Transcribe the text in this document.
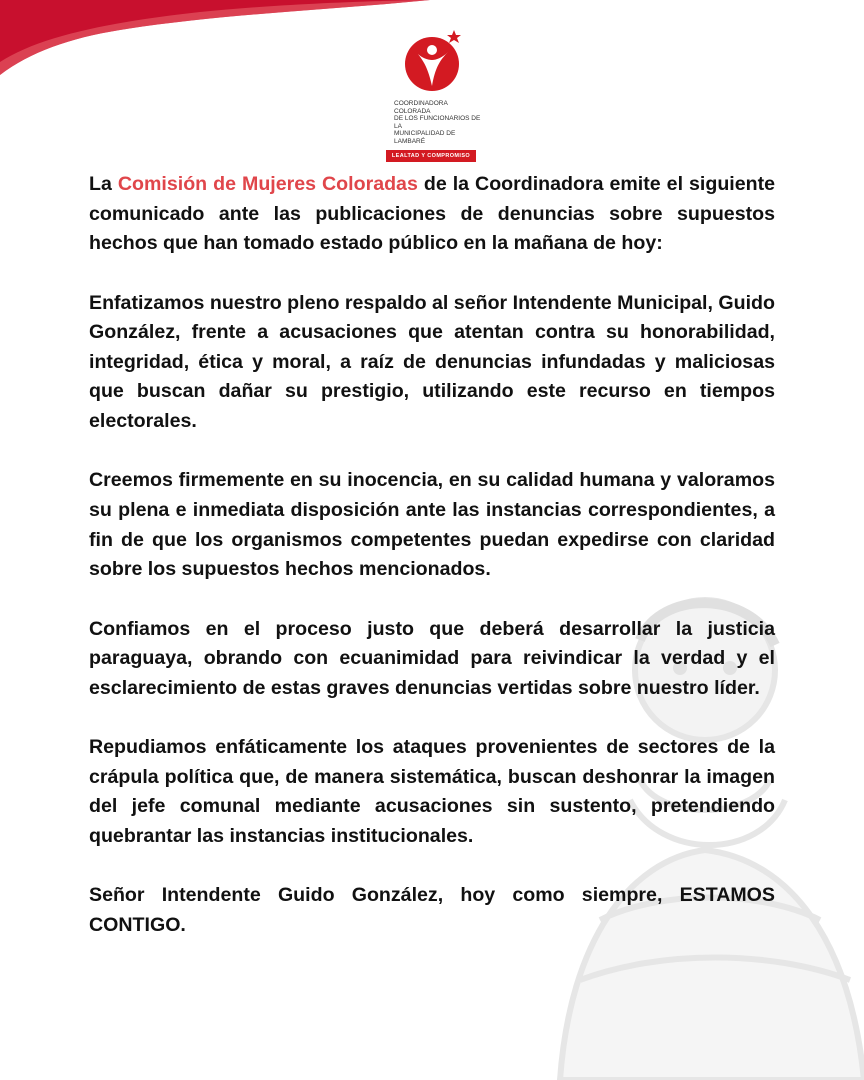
COORDINADORA COLORADA
DE LOS FUNCIONARIOS DE LA
MUNICIPALIDAD DE LAMBARÉ
LEALTAD Y COMPROMISO

La Comisión de Mujeres Coloradas de la Coordinadora emite el siguiente comunicado ante las publicaciones de denuncias sobre supuestos hechos que han tomado estado público en la mañana de hoy:

Enfatizamos nuestro pleno respaldo al señor Intendente Municipal, Guido González, frente a acusaciones que atentan contra su honorabilidad, integridad, ética y moral, a raíz de denuncias infundadas y maliciosas que buscan dañar su prestigio, utilizando este recurso en tiempos electorales.

Creemos firmemente en su inocencia, en su calidad humana y valoramos su plena e inmediata disposición ante las instancias correspondientes, a fin de que los organismos competentes puedan expedirse con claridad sobre los supuestos hechos mencionados.

Confiamos en el proceso justo que deberá desarrollar la justicia paraguaya, obrando con ecuanimidad para reivindicar la verdad y el esclarecimiento de estas graves denuncias vertidas sobre nuestro líder.

Repudiamos enfáticamente los ataques provenientes de sectores de la crápula política que, de manera sistemática, buscan deshonrar la imagen del jefe comunal mediante acusaciones sin sustento, pretendiendo quebrantar las instancias institucionales.

Señor Intendente Guido González, hoy como siempre, ESTAMOS CONTIGO.
